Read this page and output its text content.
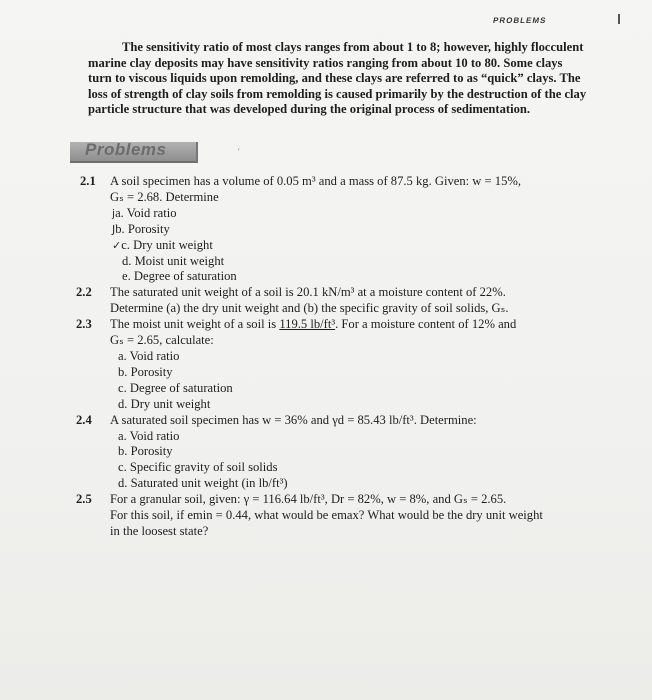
PROBLEMS
The sensitivity ratio of most clays ranges from about 1 to 8; however, highly flocculent
marine clay deposits may have sensitivity ratios ranging from about 10 to 80. Some clays
turn to viscous liquids upon remolding, and these clays are referred to as “quick” clays. The
loss of strength of clay soils from remolding is caused primarily by the destruction of the clay
particle structure that was developed during the original process of sedimentation.
Problems	′
2.1	A soil specimen has a volume of 0.05 m³ and a mass of 87.5 kg. Given: w = 15%,
Gₛ = 2.68. Determine
ja. Void ratio
Jb. Porosity
✓c. Dry unit weight
d. Moist unit weight
e. Degree of saturation
2.2	The saturated unit weight of a soil is 20.1 kN/m³ at a moisture content of 22%.
Determine (a) the dry unit weight and (b) the specific gravity of soil solids, Gₛ.
2.3	The moist unit weight of a soil is 119.5 lb/ft³. For a moisture content of 12% and
Gₛ = 2.65, calculate:
a. Void ratio
b. Porosity
c. Degree of saturation
d. Dry unit weight
2.4	A saturated soil specimen has w = 36% and γd = 85.43 lb/ft³. Determine:
a. Void ratio
b. Porosity
c. Specific gravity of soil solids
d. Saturated unit weight (in lb/ft³)
2.5	For a granular soil, given: γ = 116.64 lb/ft³, Dr = 82%, w = 8%, and Gₛ = 2.65.
For this soil, if emin = 0.44, what would be emax? What would be the dry unit weight
in the loosest state?
